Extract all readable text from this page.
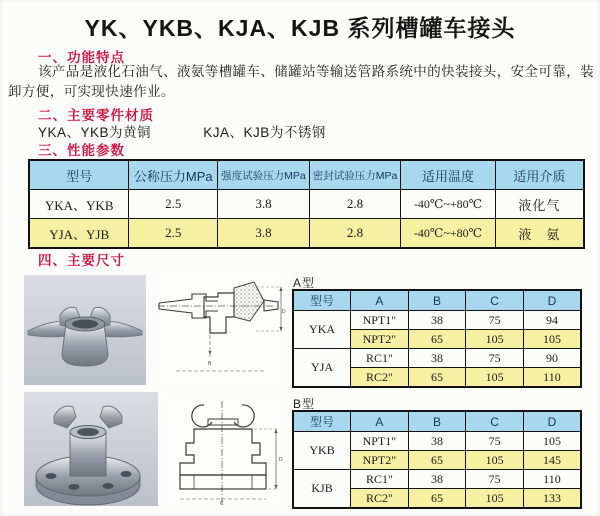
YK、YKB、KJA、KJB 系列槽罐车接头
一、功能特点

该产品是液化石油气、液氨等槽罐车、储罐站等输送管路系统中的快装接头，安全可靠，装卸方便，可实现快速作业。

二、主要零件材质
YKA、YKB为黄铜	KJA、KJB为不锈钢
三、性能参数
型号	公称压力MPa	强度试验压力MPa	密封试验压力MPa	适用温度	适用介质
YKA、YKB	2.5	3.8	2.8	-40℃~+80℃	液化气
YJA、YJB	2.5	3.8	2.8	-40℃~+80℃	液　氨
四、主要尺寸
B
D
A型
型号	A	B	C	D
YKA	NPT1"	38	75	94
	NPT2"	65	105	105
YJA	RC1"	38	75	90
	RC2"	65	105	110
D
C
B型
型号	A	B	C	D
YKB	NPT1"	38	75	105
	NPT2"	65	105	145
KJB	RC1"	38	75	110
	RC2"	65	105	133
